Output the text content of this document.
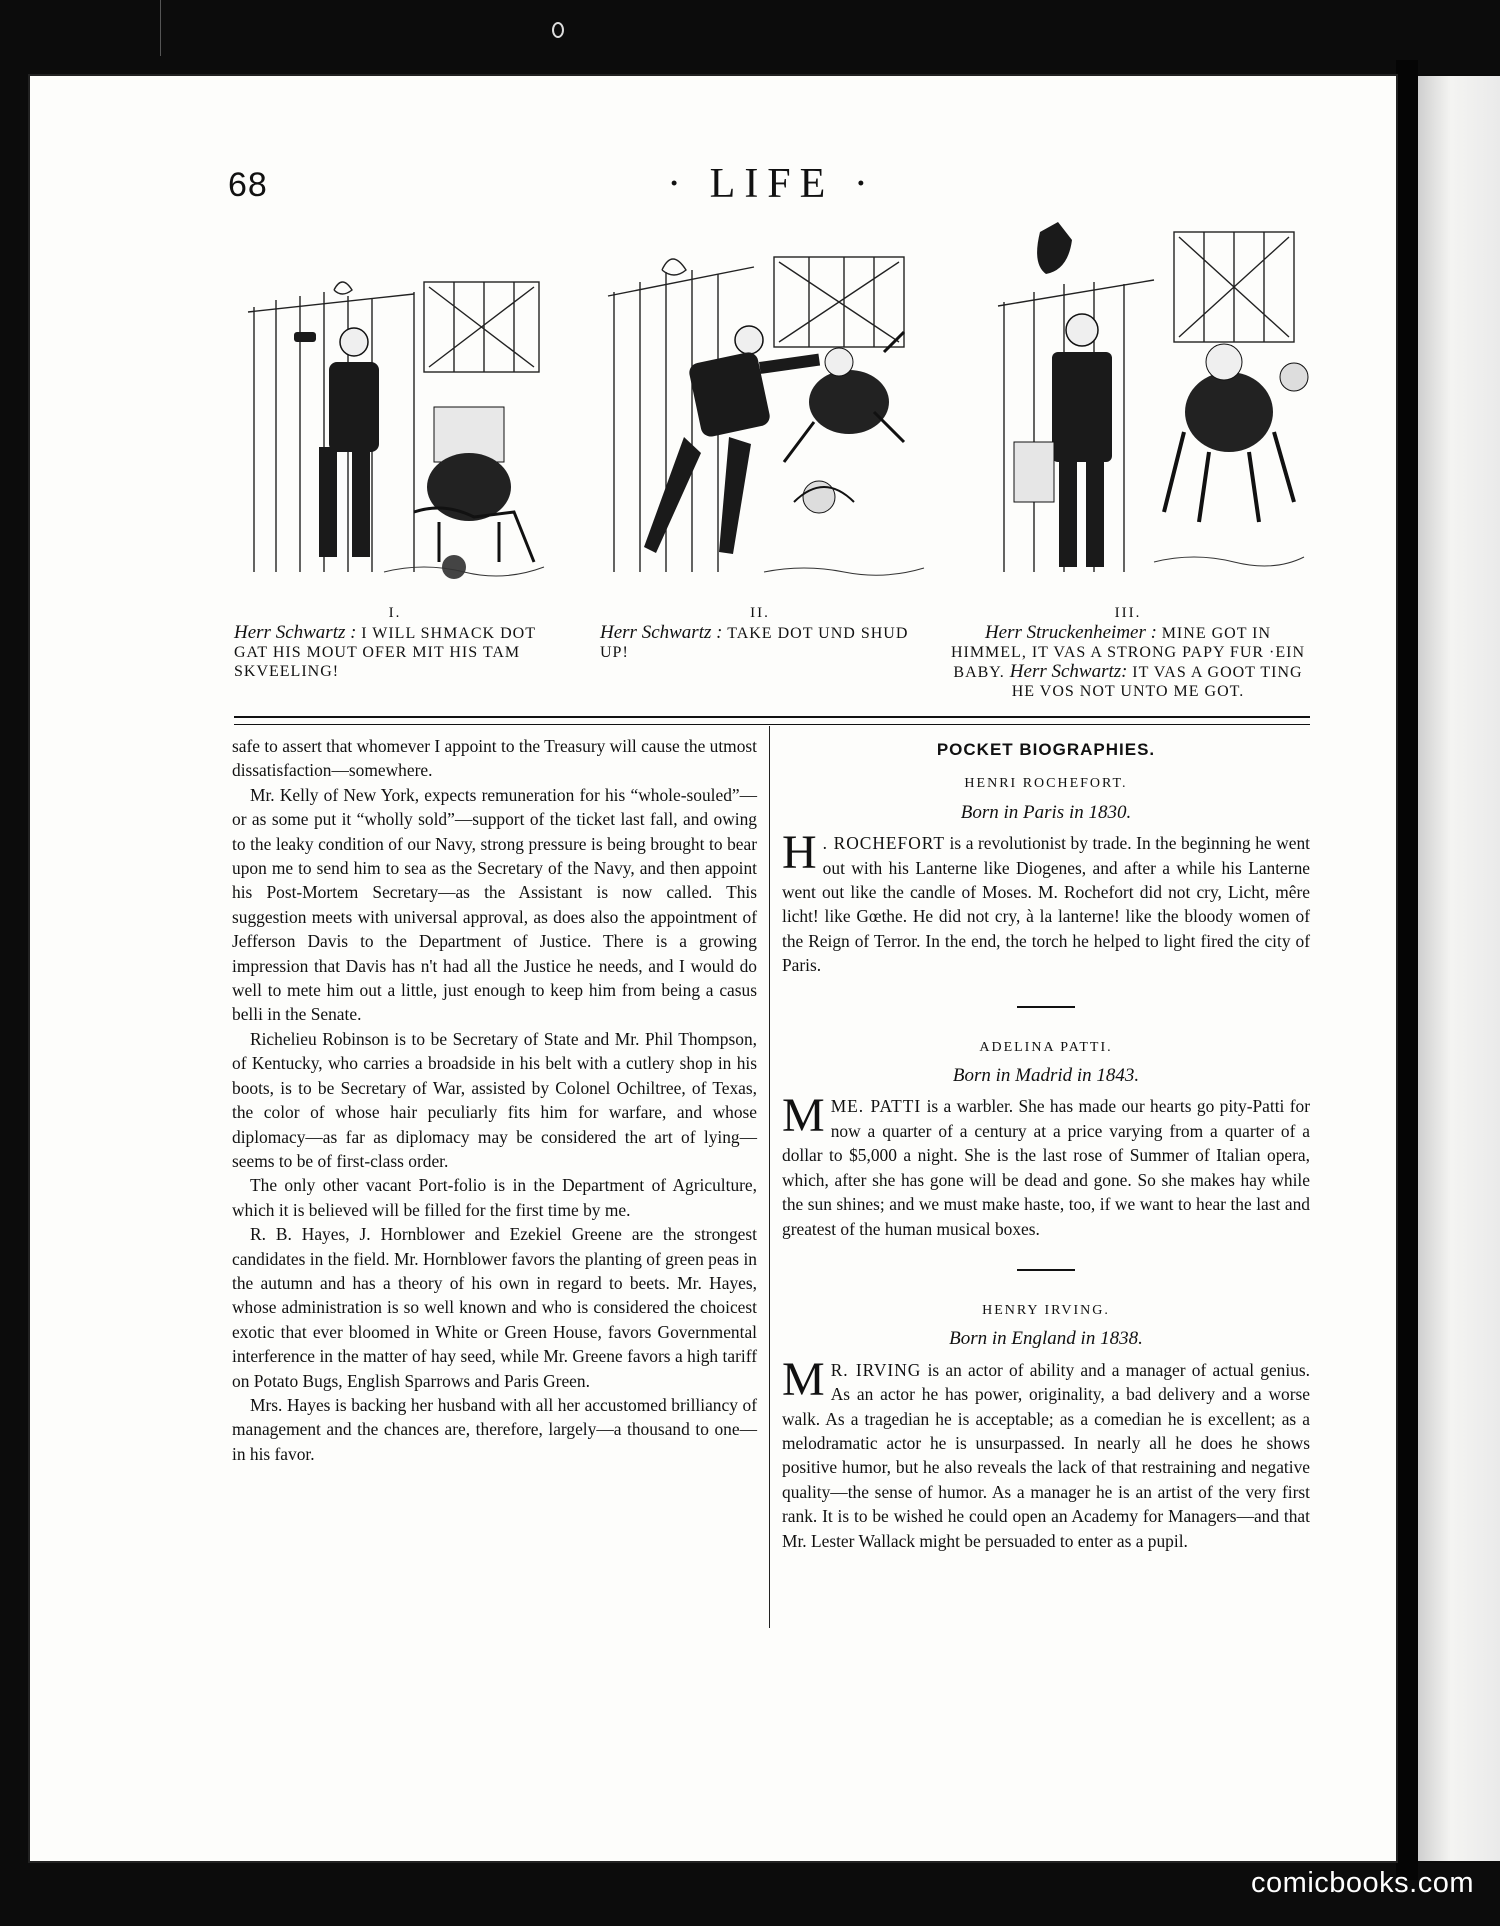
68	· LIFE ·
I.
Herr Schwartz : I WILL SHMACK DOT GAT HIS MOUT OFER MIT HIS TAM SKVEELING!
II.
Herr Schwartz : TAKE DOT UND SHUD UP!
III.
Herr Struckenheimer : MINE GOT IN HIMMEL, IT VAS A STRONG PAPY FUR ·EIN BABY. Herr Schwartz: IT VAS A GOOT TING HE VOS NOT UNTO ME GOT.

safe to assert that whomever I appoint to the Treasury will cause the utmost dissatisfaction—somewhere.

Mr. Kelly of New York, expects remuneration for his “whole-souled”—or as some put it “wholly sold”—support of the ticket last fall, and owing to the leaky condition of our Navy, strong pressure is being brought to bear upon me to send him to sea as the Secretary of the Navy, and then appoint his Post-Mortem Secretary—as the Assistant is now called. This suggestion meets with universal approval, as does also the appointment of Jefferson Davis to the Department of Justice. There is a growing impression that Davis has n't had all the Justice he needs, and I would do well to mete him out a little, just enough to keep him from being a casus belli in the Senate.

Richelieu Robinson is to be Secretary of State and Mr. Phil Thompson, of Kentucky, who carries a broadside in his belt with a cutlery shop in his boots, is to be Secretary of War, assisted by Colonel Ochiltree, of Texas, the color of whose hair peculiarly fits him for warfare, and whose diplomacy—as far as diplomacy may be considered the art of lying—seems to be of first-class order.

The only other vacant Port-folio is in the Department of Agriculture, which it is believed will be filled for the first time by me.

R. B. Hayes, J. Hornblower and Ezekiel Greene are the strongest candidates in the field. Mr. Hornblower favors the planting of green peas in the autumn and has a theory of his own in regard to beets. Mr. Hayes, whose administration is so well known and who is considered the choicest exotic that ever bloomed in White or Green House, favors Governmental interference in the matter of hay seed, while Mr. Greene favors a high tariff on Potato Bugs, English Sparrows and Paris Green.

Mrs. Hayes is backing her husband with all her accustomed brilliancy of management and the chances are, therefore, largely—a thousand to one—in his favor.

POCKET BIOGRAPHIES.
HENRI ROCHEFORT.
Born in Paris in 1830.

H . ROCHEFORT is a revolutionist by trade. In the beginning he went out with his Lanterne like Diogenes, and after a while his Lanterne went out like the candle of Moses. M. Rochefort did not cry, Licht, mêre licht! like Gœthe. He did not cry, à la lanterne! like the bloody women of the Reign of Terror. In the end, the torch he helped to light fired the city of Paris.

ADELINA PATTI.
Born in Madrid in 1843.

MME. PATTI is a warbler. She has made our hearts go pity-Patti for now a quarter of a century at a price varying from a quarter of a dollar to $5,000 a night. She is the last rose of Summer of Italian opera, which, after she has gone will be dead and gone. So she makes hay while the sun shines; and we must make haste, too, if we want to hear the last and greatest of the human musical boxes.

HENRY IRVING.
Born in England in 1838.

M R. IRVING is an actor of ability and a manager of actual genius. As an actor he has power, originality, a bad delivery and a worse walk. As a tragedian he is acceptable; as a comedian he is excellent; as a melodramatic actor he is unsurpassed. In nearly all he does he shows positive humor, but he also reveals the lack of that restraining and negative quality—the sense of humor. As a manager he is an artist of the very first rank. It is to be wished he could open an Academy for Managers—and that Mr. Lester Wallack might be persuaded to enter as a pupil.

comicbooks.com
